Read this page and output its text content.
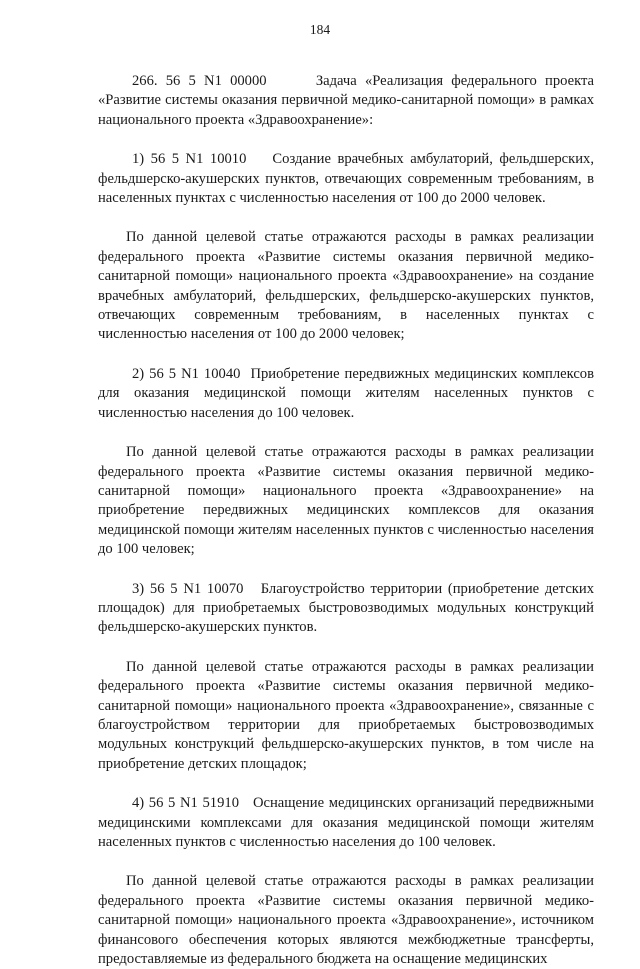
184

266. 56 5 N1 00000	Задача «Реализация федерального проекта «Развитие системы оказания первичной медико-санитарной помощи» в рамках национального проекта «Здравоохранение»:

1) 56 5 N1 10010 Создание врачебных амбулаторий, фельдшерских, фельдшерско-акушерских пунктов, отвечающих современным требованиям, в населенных пунктах с численностью населения от 100 до 2000 человек.

По данной целевой статье отражаются расходы в рамках реализации федерального проекта «Развитие системы оказания первичной медико-санитарной помощи» национального проекта «Здравоохранение» на создание врачебных амбулаторий, фельдшерских, фельдшерско-акушерских пунктов, отвечающих современным требованиям, в населенных пунктах с численностью населения от 100 до 2000 человек;

2) 56 5 N1 10040 Приобретение передвижных медицинских комплексов для оказания медицинской помощи жителям населенных пунктов с численностью населения до 100 человек.

По данной целевой статье отражаются расходы в рамках реализации федерального проекта «Развитие системы оказания первичной медико-санитарной помощи» национального проекта «Здравоохранение» на приобретение передвижных медицинских комплексов для оказания медицинской помощи жителям населенных пунктов с численностью населения до 100 человек;

3) 56 5 N1 10070 Благоустройство территории (приобретение детских площадок) для приобретаемых быстровозводимых модульных конструкций фельдшерско-акушерских пунктов.

По данной целевой статье отражаются расходы в рамках реализации федерального проекта «Развитие системы оказания первичной медико-санитарной помощи» национального проекта «Здравоохранение», связанные с благоустройством территории для приобретаемых быстровозводимых модульных конструкций фельдшерско-акушерских пунктов, в том числе на приобретение детских площадок;

4) 56 5 N1 51910 Оснащение медицинских организаций передвижными медицинскими комплексами для оказания медицинской помощи жителям населенных пунктов с численностью населения до 100 человек.

По данной целевой статье отражаются расходы в рамках реализации федерального проекта «Развитие системы оказания первичной медико-санитарной помощи» национального проекта «Здравоохранение», источником финансового обеспечения которых являются межбюджетные трансферты, предоставляемые из федерального бюджета на оснащение медицинских
